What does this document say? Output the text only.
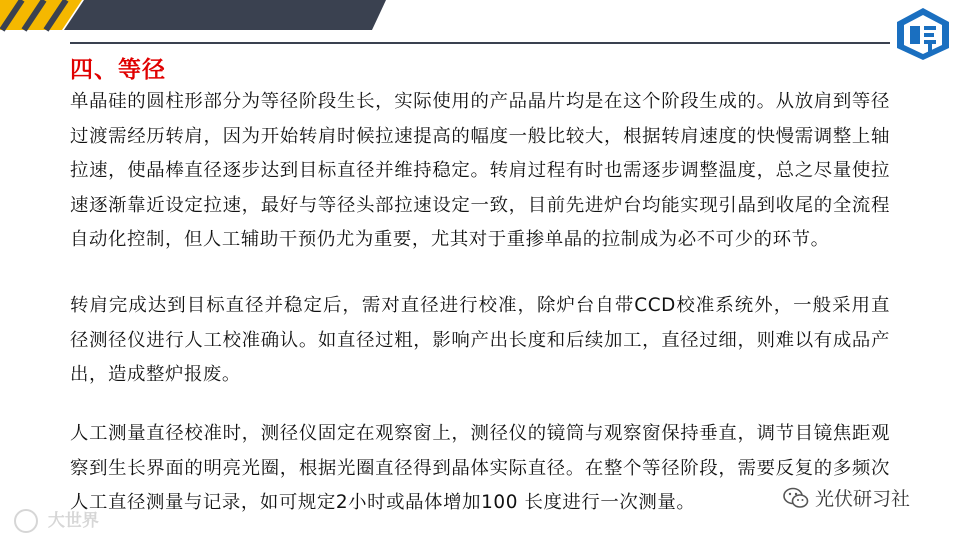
四、等径

单晶硅的圆柱形部分为等径阶段生长，实际使用的产品晶片均是在这个阶段生成的。从放肩到等径过渡需经历转肩，因为开始转肩时候拉速提高的幅度一般比较大，根据转肩速度的快慢需调整上轴拉速，使晶棒直径逐步达到目标直径并维持稳定。转肩过程有时也需逐步调整温度，总之尽量使拉速逐渐靠近设定拉速，最好与等径头部拉速设定一致，目前先进炉台均能实现引晶到收尾的全流程自动化控制，但人工辅助干预仍尤为重要，尤其对于重掺单晶的拉制成为必不可少的环节。

转肩完成达到目标直径并稳定后，需对直径进行校准，除炉台自带CCD校准系统外，一般采用直径测径仪进行人工校准确认。如直径过粗，影响产出长度和后续加工，直径过细，则难以有成品产出，造成整炉报废。

人工测量直径校准时，测径仪固定在观察窗上，测径仪的镜筒与观察窗保持垂直，调节目镜焦距观察到生长界面的明亮光圈，根据光圈直径得到晶体实际直径。在整个等径阶段，需要反复的多频次人工直径测量与记录，如可规定2小时或晶体增加100 长度进行一次测量。

大世界
光伏研习社
